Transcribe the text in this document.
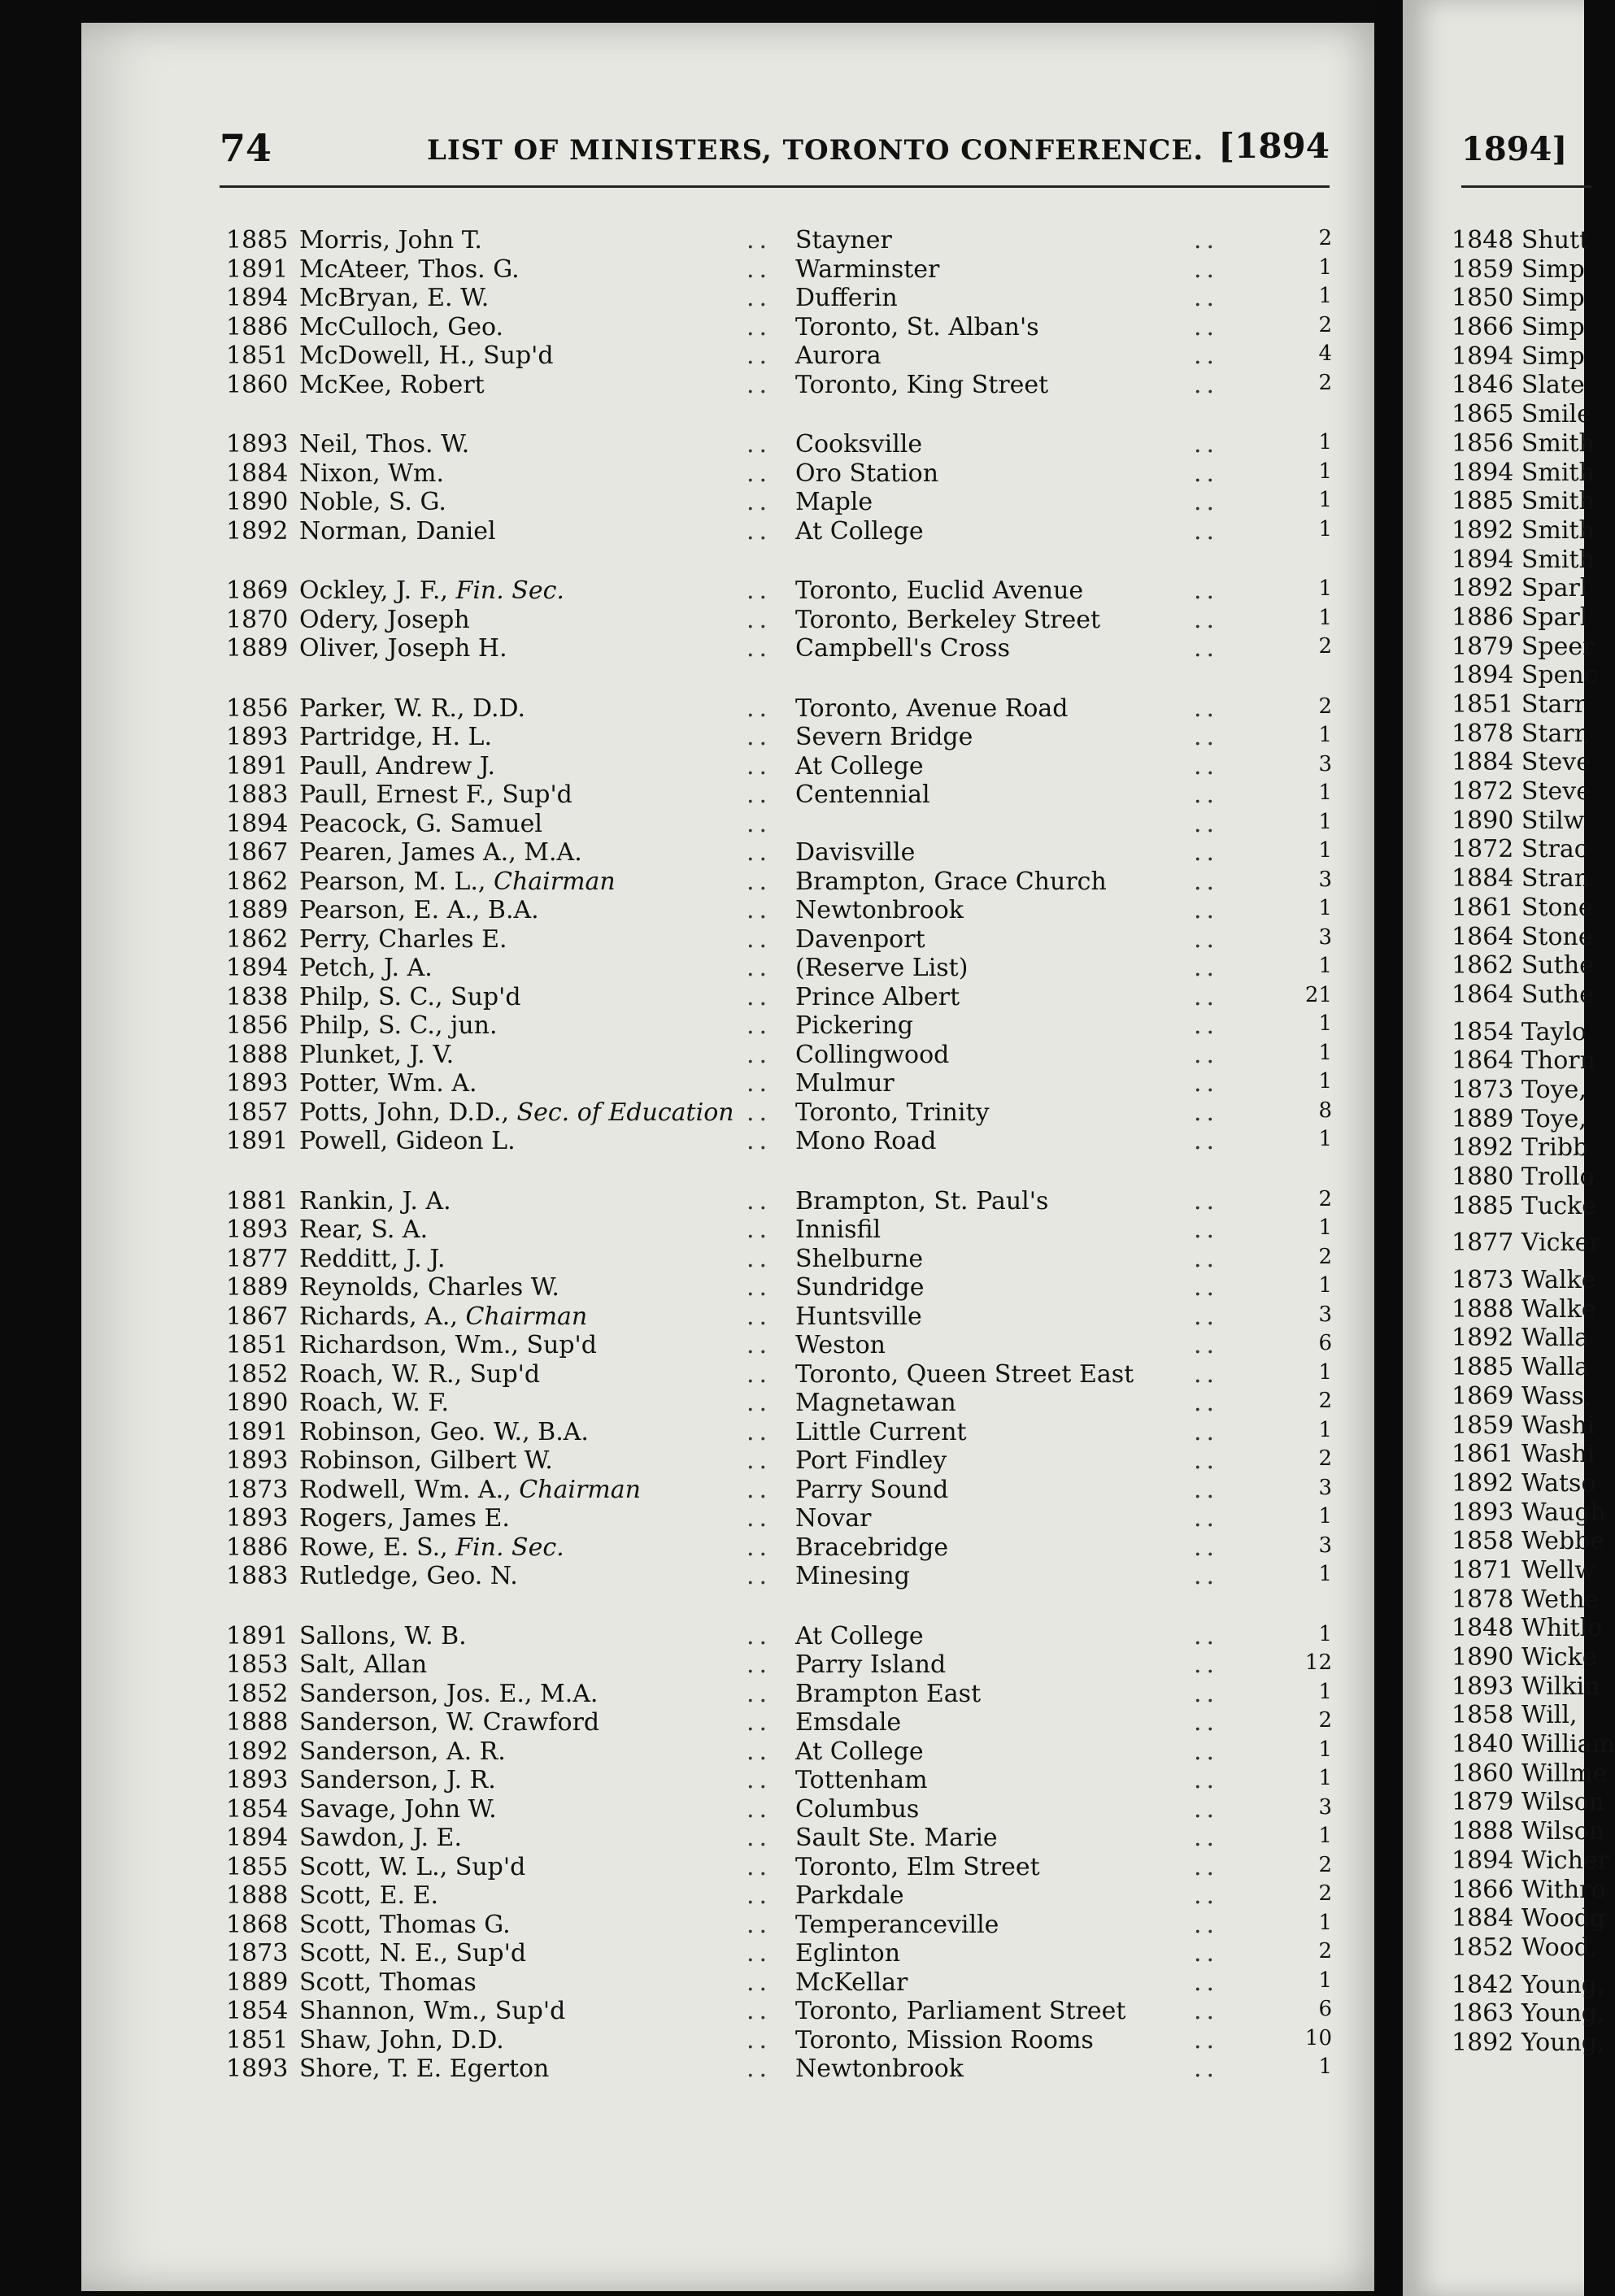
1894]
1848 Shutt
1859 Simp
1850 Simp
1866 Simp
1894 Simp
1846 Slate
1865 Smile
1856 Smith
1894 Smith
1885 Smith
1892 Smith
1894 Smith
1892 Sparl
1886 Sparl
1879 Speer
1894 Spenc
1851 Starr
1878 Starr,
1884 Steve
1872 Steve
1890 Stilw
1872 Strac
1884 Stran
1861 Stone
1864 Stone
1862 Suthe
1864 Suthe
1854 Taylo
1864 Thorn
1873 Toye,
1889 Toye,
1892 Tribb
1880 Trollo
1885 Tucke
1877 Vicker
1873 Walke
1888 Walke
1892 Walla
1885 Walla
1869 Wass,
1859 Washi
1861 Washi
1892 Watso
1893 Waugh
1858 Webbe
1871 Wellw
1878 Wethe
1848 Whitlo
1890 Wicke
1893 Wilkin
1858 Will,
1840 William
1860 Willme
1879 Wilson
1888 Wilson
1894 Wicher
1866 Withro
1884 Woodg
1852 Wood,
1842 Young,
1863 Young,
1892 Young,
74	LIST OF MINISTERS, TORONTO CONFERENCE. [1894
1885 Morris, John T.	.. Stayner	..	2
1891 McAteer, Thos. G.	.. Warminster	..	1
1894 McBryan, E. W.	.. Dufferin	..	1
1886 McCulloch, Geo.	.. Toronto, St. Alban's	..	2
1851 McDowell, H., Sup'd	.. Aurora	..	4
1860 McKee, Robert	.. Toronto, King Street	..	2
1893 Neil, Thos. W.	.. Cooksville	..	1
1884 Nixon, Wm.	.. Oro Station	..	1
1890 Noble, S. G.	.. Maple	..	1
1892 Norman, Daniel	.. At College	..	1
1869 Ockley, J. F., Fin. Sec.	.. Toronto, Euclid Avenue	..	1
1870 Odery, Joseph	.. Toronto, Berkeley Street	..	1
1889 Oliver, Joseph H.	.. Campbell's Cross	..	2
1856 Parker, W. R., D.D.	.. Toronto, Avenue Road	..	2
1893 Partridge, H. L.	.. Severn Bridge	..	1
1891 Paull, Andrew J.	.. At College	..	3
1883 Paull, Ernest F., Sup'd	.. Centennial	..	1
1894 Peacock, G. Samuel	..	..	1
1867 Pearen, James A., M.A.	.. Davisville	..	1
1862 Pearson, M. L., Chairman	.. Brampton, Grace Church	..	3
1889 Pearson, E. A., B.A.	.. Newtonbrook	..	1
1862 Perry, Charles E.	.. Davenport	..	3
1894 Petch, J. A.	.. (Reserve List)	..	1
1838 Philp, S. C., Sup'd	.. Prince Albert	..	21
1856 Philp, S. C., jun.	.. Pickering	..	1
1888 Plunket, J. V.	.. Collingwood	..	1
1893 Potter, Wm. A.	.. Mulmur	..	1
1857 Potts, John, D.D., Sec. of Education .. Toronto, Trinity	..	8
1891 Powell, Gideon L.	.. Mono Road	..	1
1881 Rankin, J. A.	.. Brampton, St. Paul's	..	2
1893 Rear, S. A.	.. Innisfil	..	1
1877 Redditt, J. J.	.. Shelburne	..	2
1889 Reynolds, Charles W.	.. Sundridge	..	1
1867 Richards, A., Chairman	.. Huntsville	..	3
1851 Richardson, Wm., Sup'd	.. Weston	..	6
1852 Roach, W. R., Sup'd	.. Toronto, Queen Street East ..	1
1890 Roach, W. F.	.. Magnetawan	..	2
1891 Robinson, Geo. W., B.A.	.. Little Current	..	1
1893 Robinson, Gilbert W.	.. Port Findley	..	2
1873 Rodwell, Wm. A., Chairman	.. Parry Sound	..	3
1893 Rogers, James E.	.. Novar	..	1
1886 Rowe, E. S., Fin. Sec.	.. Bracebridge	..	3
1883 Rutledge, Geo. N.	.. Minesing	..	1
1891 Sallons, W. B.	.. At College	..	1
1853 Salt, Allan	.. Parry Island	..	12
1852 Sanderson, Jos. E., M.A.	.. Brampton East	..	1
1888 Sanderson, W. Crawford	.. Emsdale	..	2
1892 Sanderson, A. R.	.. At College	..	1
1893 Sanderson, J. R.	.. Tottenham	..	1
1854 Savage, John W.	.. Columbus	..	3
1894 Sawdon, J. E.	.. Sault Ste. Marie	..	1
1855 Scott, W. L., Sup'd	.. Toronto, Elm Street	..	2
1888 Scott, E. E.	.. Parkdale	..	2
1868 Scott, Thomas G.	.. Temperanceville	..	1
1873 Scott, N. E., Sup'd	.. Eglinton	..	2
1889 Scott, Thomas	.. McKellar	..	1
1854 Shannon, Wm., Sup'd	.. Toronto, Parliament Street	..	6
1851 Shaw, John, D.D.	.. Toronto, Mission Rooms	..	10
1893 Shore, T. E. Egerton	.. Newtonbrook	..	1
